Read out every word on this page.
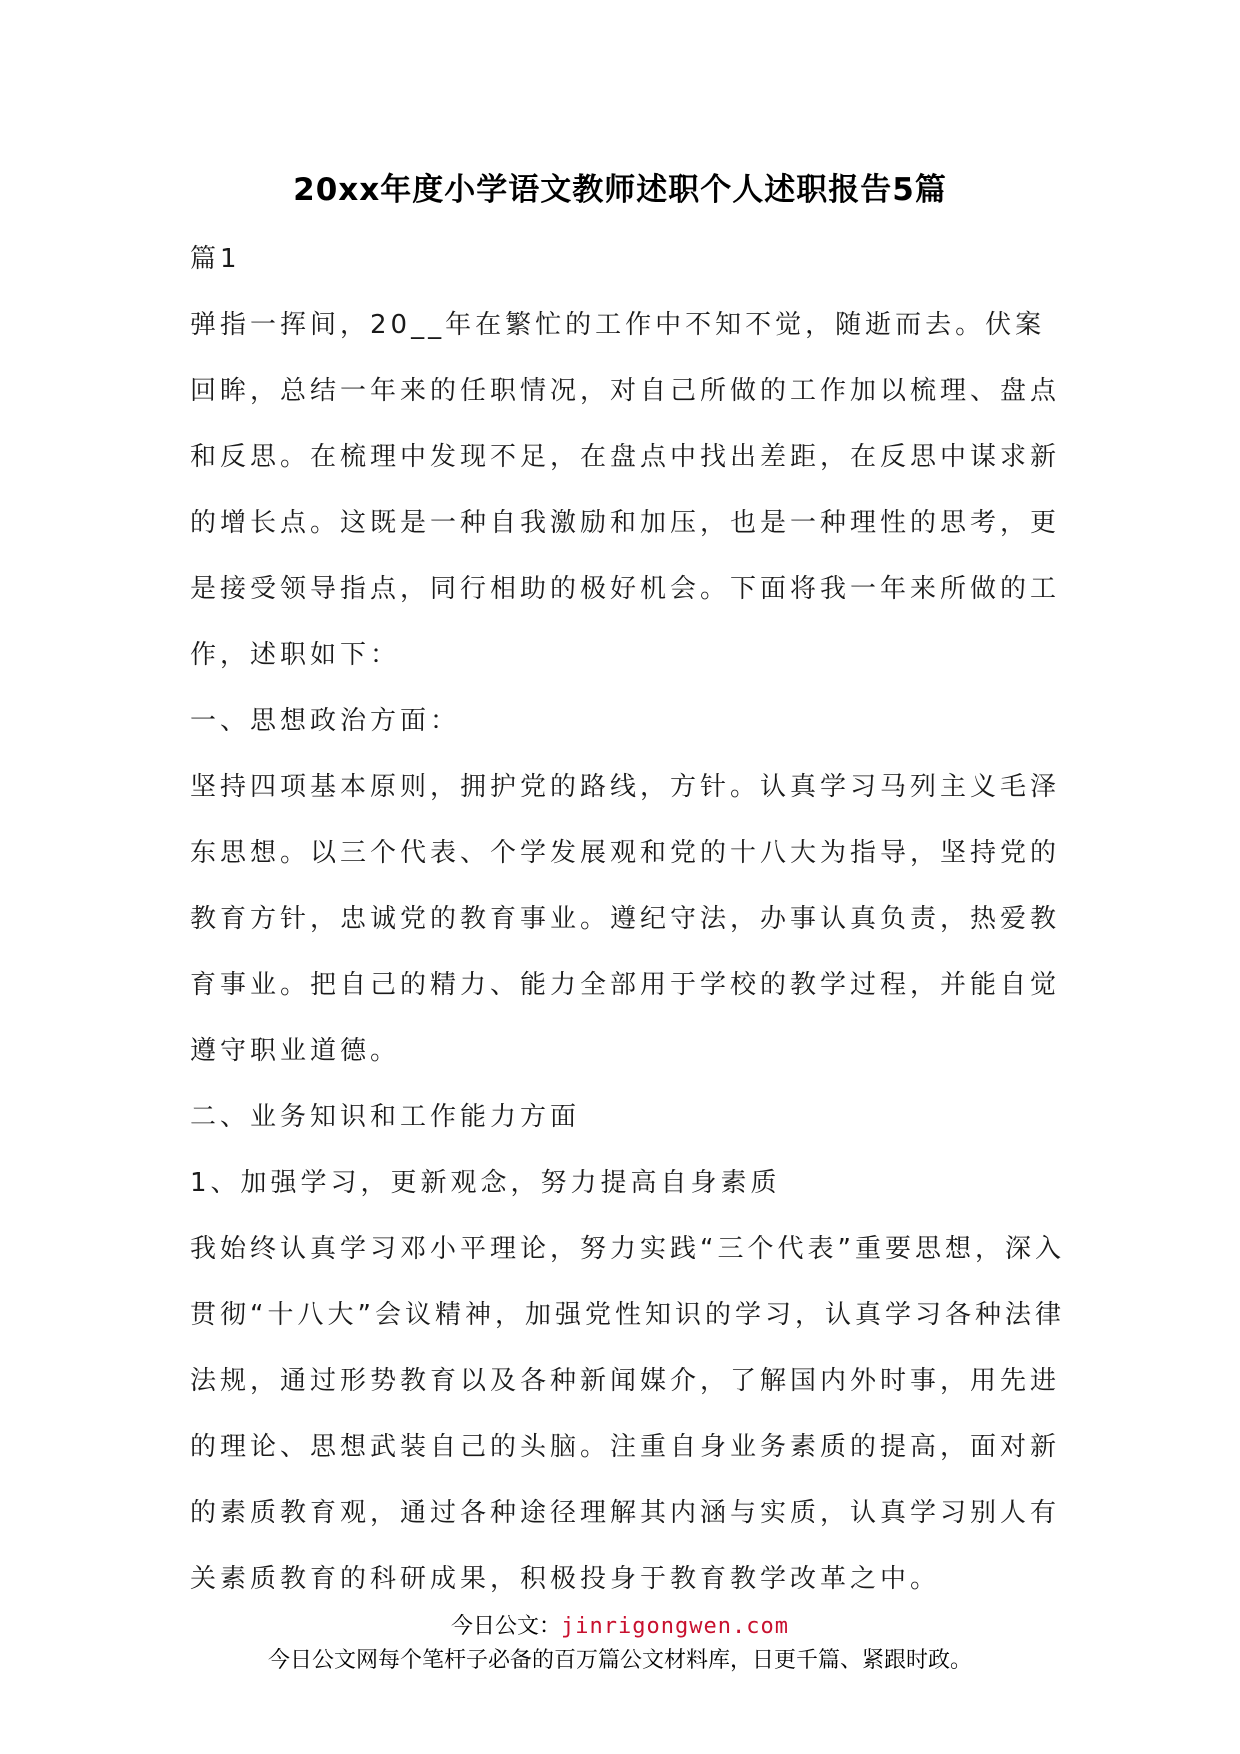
20xx年度小学语文教师述职个人述职报告5篇

篇1

弹指一挥间，20__年在繁忙的工作中不知不觉，随逝而去。伏案回眸，总结一年来的任职情况，对自己所做的工作加以梳理、盘点和反思。在梳理中发现不足，在盘点中找出差距，在反思中谋求新的增长点。这既是一种自我激励和加压，也是一种理性的思考，更是接受领导指点，同行相助的极好机会。下面将我一年来所做的工作，述职如下：

一、思想政治方面：

坚持四项基本原则，拥护党的路线，方针。认真学习马列主义毛泽东思想。以三个代表、个学发展观和党的十八大为指导，坚持党的教育方针，忠诚党的教育事业。遵纪守法，办事认真负责，热爱教育事业。把自己的精力、能力全部用于学校的教学过程，并能自觉遵守职业道德。

二、业务知识和工作能力方面

1、加强学习，更新观念，努力提高自身素质

我始终认真学习邓小平理论，努力实践“三个代表”重要思想，深入贯彻“十八大”会议精神，加强党性知识的学习，认真学习各种法律法规，通过形势教育以及各种新闻媒介，了解国内外时事，用先进的理论、思想武装自己的头脑。注重自身业务素质的提高，面对新的素质教育观，通过各种途径理解其内涵与实质，认真学习别人有关素质教育的科研成果，积极投身于教育教学改革之中。

今日公文：jinrigongwen.com
今日公文网每个笔杆子必备的百万篇公文材料库，日更千篇、紧跟时政。
